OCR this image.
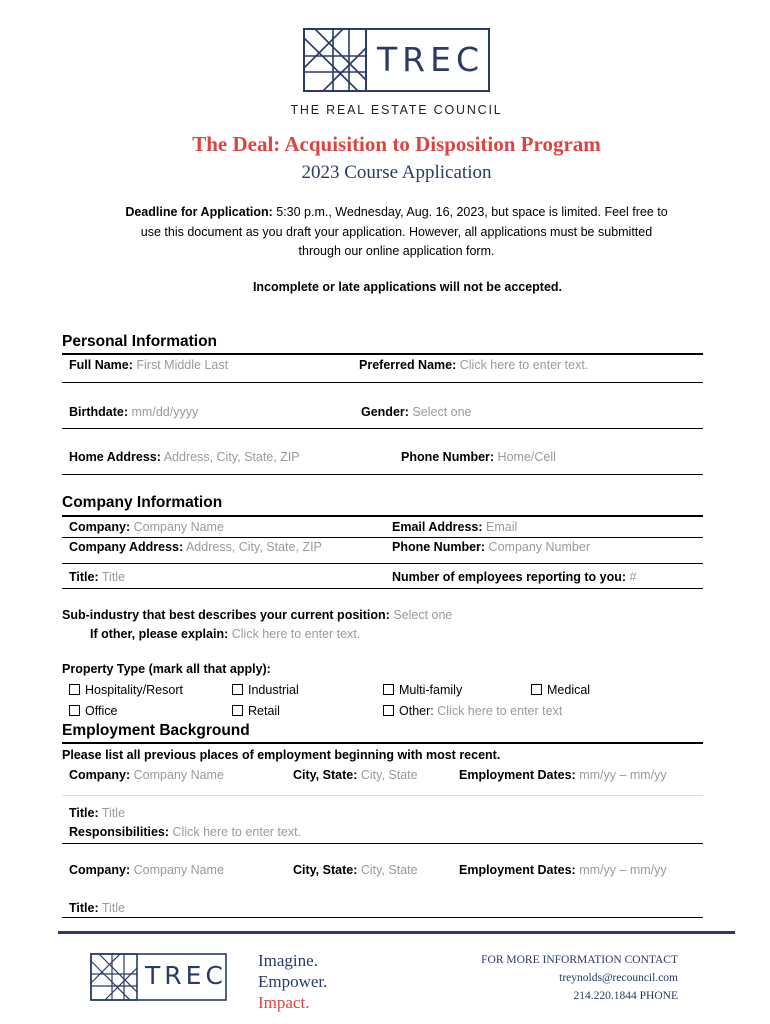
TREC
THE REAL ESTATE COUNCIL
The Deal: Acquisition to Disposition Program
2023 Course Application
Deadline for Application: 5:30 p.m., Wednesday, Aug. 16, 2023, but space is limited. Feel free to
use this document as you draft your application. However, all applications must be submitted
through our online application form.
Incomplete or late applications will not be accepted.
Personal Information
Full Name: First Middle Last	Preferred Name: Click here to enter text.
Birthdate: mm/dd/yyyy	Gender: Select one
Home Address: Address, City, State, ZIP	Phone Number: Home/Cell
Company Information
Company: Company Name	Email Address: Email
Company Address: Address, City, State, ZIP	Phone Number: Company Number
Title: Title	Number of employees reporting to you: #
Sub-industry that best describes your current position: Select one
If other, please explain: Click here to enter text.
Property Type (mark all that apply):
Hospitality/Resort	Industrial	Multi-family	Medical
Office	Retail	Other: Click here to enter text
Employment Background
Please list all previous places of employment beginning with most recent.
Company: Company Name	City, State: City, State	Employment Dates: mm/yy – mm/yy
Title: Title
Responsibilities: Click here to enter text.
Company: Company Name	City, State: City, State	Employment Dates: mm/yy – mm/yy
Title: Title
TREC
Imagine.
Empower.
Impact.
FOR MORE INFORMATION CONTACT
treynolds@recouncil.com
214.220.1844 PHONE
